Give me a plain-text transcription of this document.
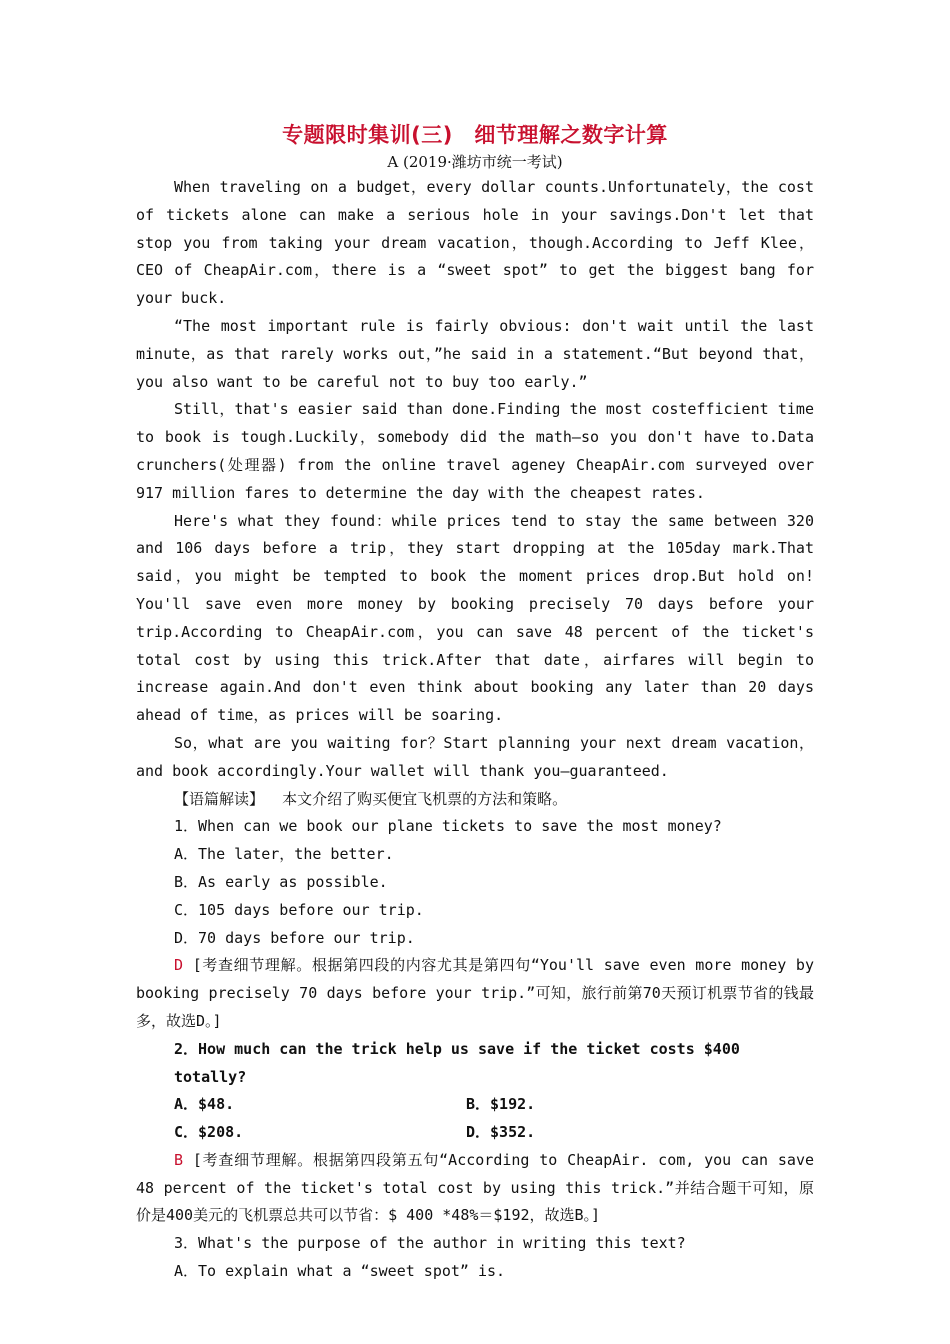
专题限时集训(三)　细节理解之数字计算
A (2019·潍坊市统一考试)

When traveling on a budget，every dollar counts.Unfortunately，the cost of tickets alone can make a serious hole in your savings.Don't let that stop you from taking your dream vacation，though.According to Jeff Klee，CEO of CheapAir.com，there is a “sweet spot” to get the biggest bang for your buck.

“The most important rule is fairly obvious: don't wait until the last minute，as that rarely works out，”he said in a statement.“But beyond that，you also want to be careful not to buy too early.”

Still，that's easier said than done.Finding the most costefficient time to book is tough.Luckily，somebody did the math—so you don't have to.Data crunchers(处理器) from the online travel ageney CheapAir.com surveyed over 917 million fares to determine the day with the cheapest rates.

Here's what they found：while prices tend to stay the same between 320 and 106 days before a trip，they start dropping at the 105day mark.That said，you might be tempted to book the moment prices drop.But hold on! You'll save even more money by booking precisely 70 days before your trip.According to CheapAir.com，you can save 48 percent of the ticket's total cost by using this trick.After that date，airfares will begin to increase again.And don't even think about booking any later than 20 days ahead of time，as prices will be soaring.

So，what are you waiting for？Start planning your next dream vacation，and book accordingly.Your wallet will thank you—guaranteed.

【语篇解读】 本文介绍了购买便宜飞机票的方法和策略。

1．When can we book our plane tickets to save the most money?

A．The later，the better.

B．As early as possible.

C．105 days before our trip.

D．70 days before our trip.

D [考查细节理解。根据第四段的内容尤其是第四句“You'll save even more money by booking precisely 70 days before your trip.”可知，旅行前第70天预订机票节省的钱最多，故选D。]

2．How much can the trick help us save if the ticket costs $400 totally?

A．$48.	B．$192.
C．$208.	D．$352.

B [考查细节理解。根据第四段第五句“According to CheapAir. com, you can save 48 percent of the ticket's total cost by using this trick.”并结合题干可知，原价是400美元的飞机票总共可以节省：$ 400 *48%＝$192，故选B。]

3．What's the purpose of the author in writing this text?

A．To explain what a “sweet spot” is.
